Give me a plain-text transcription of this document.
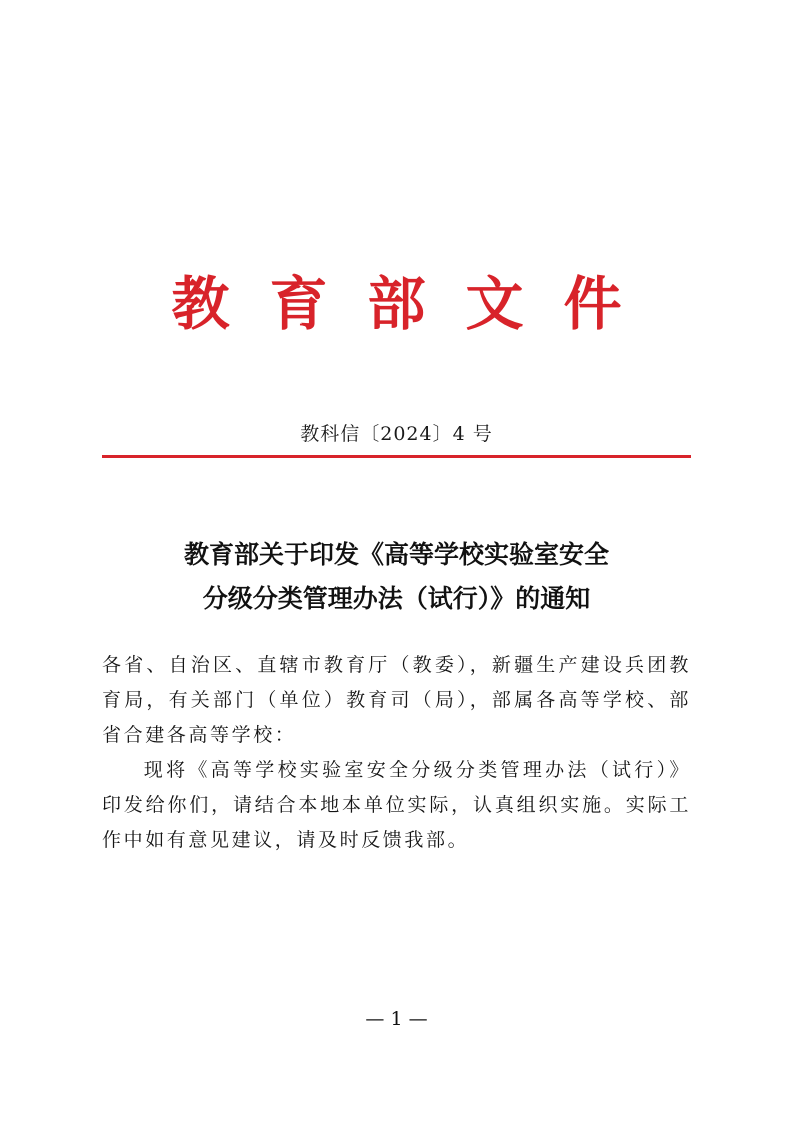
教育部文件
教科信〔2024〕4 号
教育部关于印发《高等学校实验室安全
分级分类管理办法（试行）》的通知

各省、自治区、直辖市教育厅（教委），新疆生产建设兵团教育局，有关部门（单位）教育司（局），部属各高等学校、部省合建各高等学校：

现将《高等学校实验室安全分级分类管理办法（试行）》印发给你们，请结合本地本单位实际，认真组织实施。实际工作中如有意见建议，请及时反馈我部。

— 1 —
